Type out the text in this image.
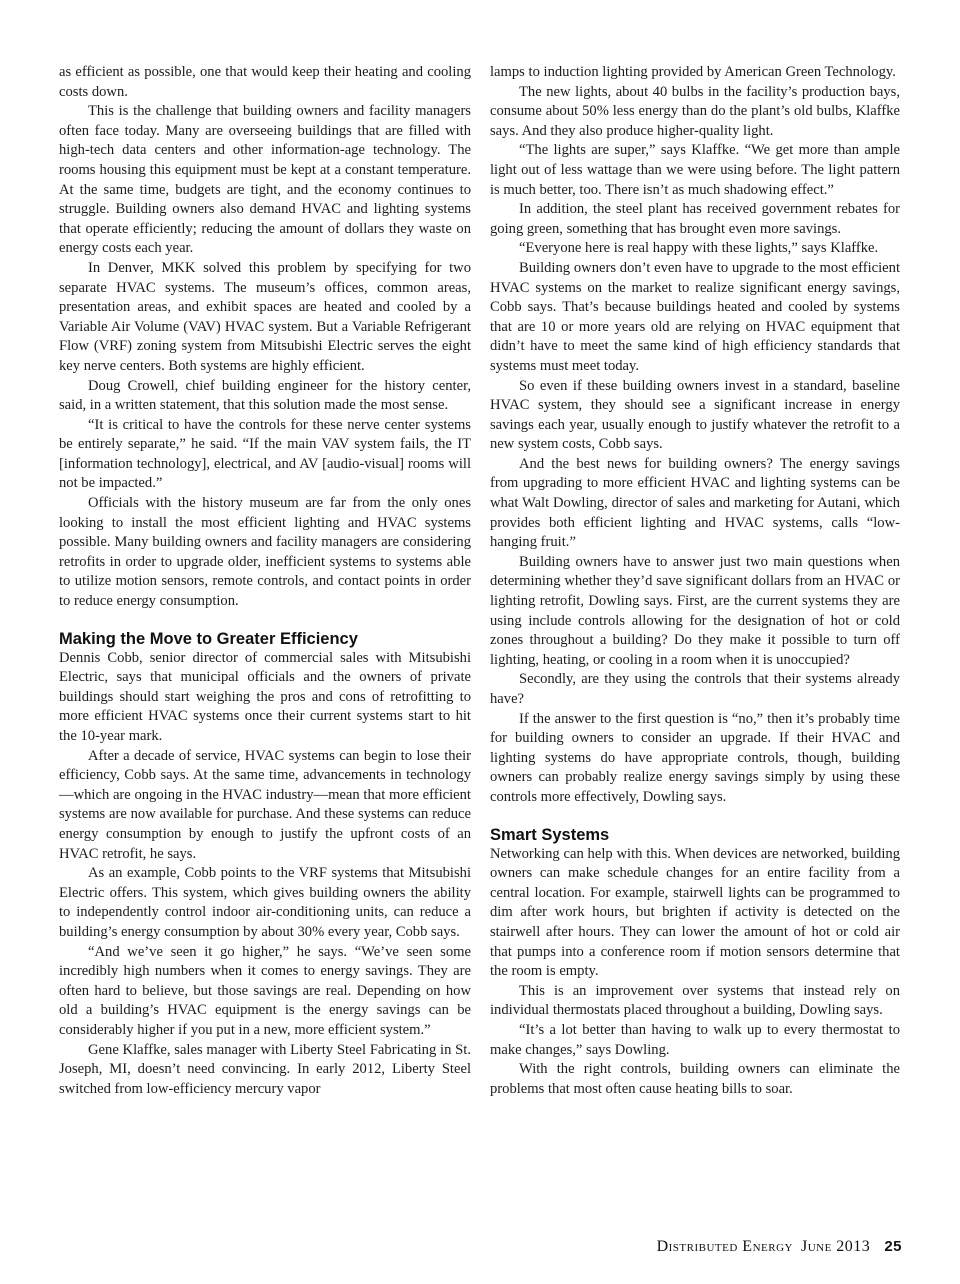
as efficient as possible, one that would keep their heating and cooling costs down.

This is the challenge that building owners and facility managers often face today. Many are overseeing buildings that are filled with high-tech data centers and other information-age technology. The rooms housing this equipment must be kept at a constant temperature. At the same time, budgets are tight, and the economy continues to struggle. Building owners also demand HVAC and lighting systems that operate efficiently; reducing the amount of dollars they waste on energy costs each year.

In Denver, MKK solved this problem by specifying for two separate HVAC systems. The museum’s offices, common areas, presentation areas, and exhibit spaces are heated and cooled by a Variable Air Volume (VAV) HVAC system. But a Variable Refrigerant Flow (VRF) zoning system from Mitsubishi Electric serves the eight key nerve centers. Both systems are highly efficient.

Doug Crowell, chief building engineer for the history center, said, in a written statement, that this solution made the most sense.

“It is critical to have the controls for these nerve center systems be entirely separate,” he said. “If the main VAV system fails, the IT [information technology], electrical, and AV [audio-visual] rooms will not be impacted.”

Officials with the history museum are far from the only ones looking to install the most efficient lighting and HVAC systems possible. Many building owners and facility managers are considering retrofits in order to upgrade older, inefficient systems to systems able to utilize motion sensors, remote controls, and contact points in order to reduce energy consumption.

Making the Move to Greater Efficiency

Dennis Cobb, senior director of commercial sales with Mitsubishi Electric, says that municipal officials and the owners of private buildings should start weighing the pros and cons of retrofitting to more efficient HVAC systems once their current systems start to hit the 10-year mark.

After a decade of service, HVAC systems can begin to lose their efficiency, Cobb says. At the same time, advancements in technology—which are ongoing in the HVAC industry—mean that more efficient systems are now available for purchase. And these systems can reduce energy consumption by enough to justify the upfront costs of an HVAC retrofit, he says.

As an example, Cobb points to the VRF systems that Mitsubishi Electric offers. This system, which gives building owners the ability to independently control indoor air-conditioning units, can reduce a building’s energy consumption by about 30% every year, Cobb says.

“And we’ve seen it go higher,” he says. “We’ve seen some incredibly high numbers when it comes to energy savings. They are often hard to believe, but those savings are real. Depending on how old a building’s HVAC equipment is the energy savings can be considerably higher if you put in a new, more efficient system.”

Gene Klaffke, sales manager with Liberty Steel Fabricating in St. Joseph, MI, doesn’t need convincing. In early 2012, Liberty Steel switched from low-efficiency mercury vapor

lamps to induction lighting provided by American Green Technology.

The new lights, about 40 bulbs in the facility’s production bays, consume about 50% less energy than do the plant’s old bulbs, Klaffke says. And they also produce higher-quality light.

“The lights are super,” says Klaffke. “We get more than ample light out of less wattage than we were using before. The light pattern is much better, too. There isn’t as much shadowing effect.”

In addition, the steel plant has received government rebates for going green, something that has brought even more savings.

“Everyone here is real happy with these lights,” says Klaffke.

Building owners don’t even have to upgrade to the most efficient HVAC systems on the market to realize significant energy savings, Cobb says. That’s because buildings heated and cooled by systems that are 10 or more years old are relying on HVAC equipment that didn’t have to meet the same kind of high efficiency standards that systems must meet today.

So even if these building owners invest in a standard, baseline HVAC system, they should see a significant increase in energy savings each year, usually enough to justify whatever the retrofit to a new system costs, Cobb says.

And the best news for building owners? The energy savings from upgrading to more efficient HVAC and lighting systems can be what Walt Dowling, director of sales and marketing for Autani, which provides both efficient lighting and HVAC systems, calls “low-hanging fruit.”

Building owners have to answer just two main questions when determining whether they’d save significant dollars from an HVAC or lighting retrofit, Dowling says. First, are the current systems they are using include controls allowing for the designation of hot or cold zones throughout a building? Do they make it possible to turn off lighting, heating, or cooling in a room when it is unoccupied?

Secondly, are they using the controls that their systems already have?

If the answer to the first question is “no,” then it’s probably time for building owners to consider an upgrade. If their HVAC and lighting systems do have appropriate controls, though, building owners can probably realize energy savings simply by using these controls more effectively, Dowling says.

Smart Systems

Networking can help with this. When devices are networked, building owners can make schedule changes for an entire facility from a central location. For example, stairwell lights can be programmed to dim after work hours, but brighten if activity is detected on the stairwell after hours. They can lower the amount of hot or cold air that pumps into a conference room if motion sensors determine that the room is empty.

This is an improvement over systems that instead rely on individual thermostats placed throughout a building, Dowling says.

“It’s a lot better than having to walk up to every thermostat to make changes,” says Dowling.

With the right controls, building owners can eliminate the problems that most often cause heating bills to soar.

Distributed Energy June 2013 25
